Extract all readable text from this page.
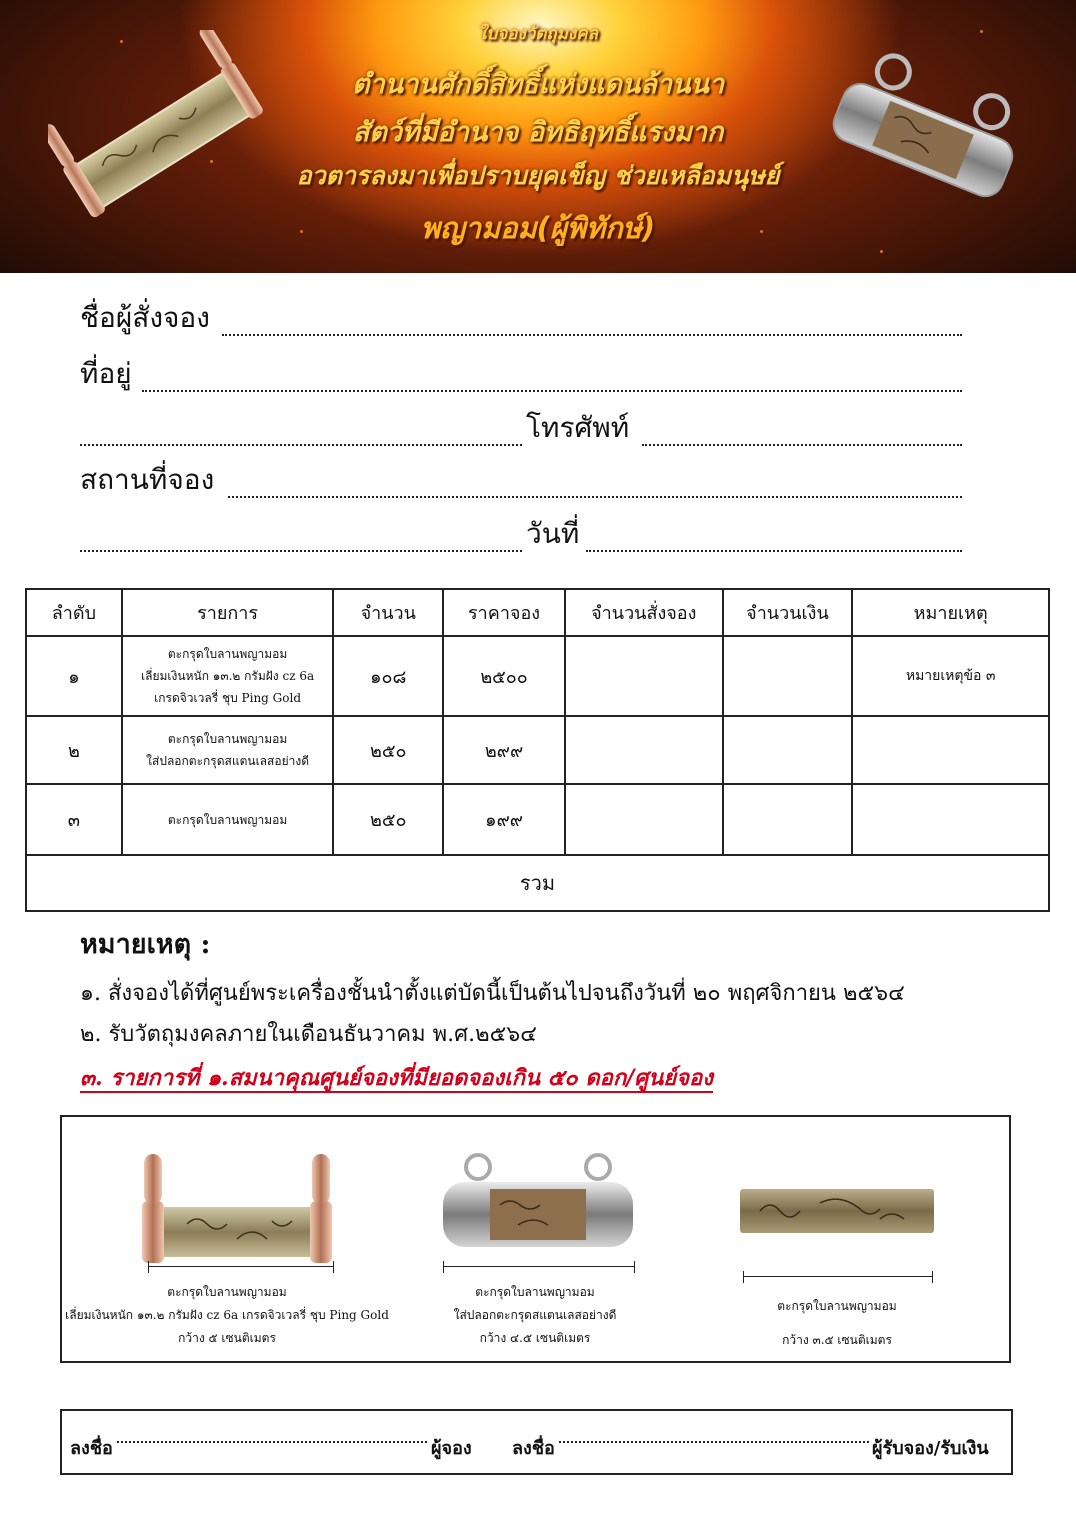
ใบจองวัตถุมงคล
ตำนานศักดิ์สิทธิ์แห่งแดนล้านนา
สัตว์ที่มีอำนาจ อิทธิฤทธิ์แรงมาก
อวตารลงมาเพื่อปราบยุคเข็ญ ช่วยเหลือมนุษย์
พญามอม(ผู้พิทักษ์)
ชื่อผู้สั่งจอง
ที่อยู่
โทรศัพท์
สถานที่จอง
วันที่
ลำดับ	รายการ	จำนวน	ราคาจอง	จำนวนสั่งจอง	จำนวนเงิน	หมายเหตุ
๑	ตะกรุดใบลานพญามอม
เลี่ยมเงินหนัก ๑๓.๒ กรัมฝัง cz 6a
เกรดจิวเวลรี่ ชุบ Ping Gold	๑๐๘	๒๕๐๐			หมายเหตุข้อ ๓
๒	ตะกรุดใบลานพญามอม
ใส่ปลอกตะกรุดสแตนเลสอย่างดี	๒๕๐	๒๙๙			
๓	ตะกรุดใบลานพญามอม	๒๕๐	๑๙๙			
รวม						
หมายเหตุ :
๑. สั่งจองได้ที่ศูนย์พระเครื่องชั้นนำตั้งแต่บัดนี้เป็นต้นไปจนถึงวันที่ ๒๐ พฤศจิกายน ๒๕๖๔
๒. รับวัตถุมงคลภายในเดือนธันวาคม พ.ศ.๒๕๖๔
๓. รายการที่ ๑.สมนาคุณศูนย์จองที่มียอดจองเกิน ๕๐ ดอก/ศูนย์จอง
ตะกรุดใบลานพญามอม
เลี่ยมเงินหนัก ๑๓.๒ กรัมฝัง cz 6a เกรดจิวเวลรี่ ชุบ Ping Gold
กว้าง ๕ เซนติเมตร
ตะกรุดใบลานพญามอม
ใส่ปลอกตะกรุดสแตนเลสอย่างดี
กว้าง ๔.๕ เซนติเมตร
ตะกรุดใบลานพญามอม
กว้าง ๓.๕ เซนติเมตร
ลงชื่อ	ผู้จอง ลงชื่อ	ผู้รับจอง/รับเงิน
